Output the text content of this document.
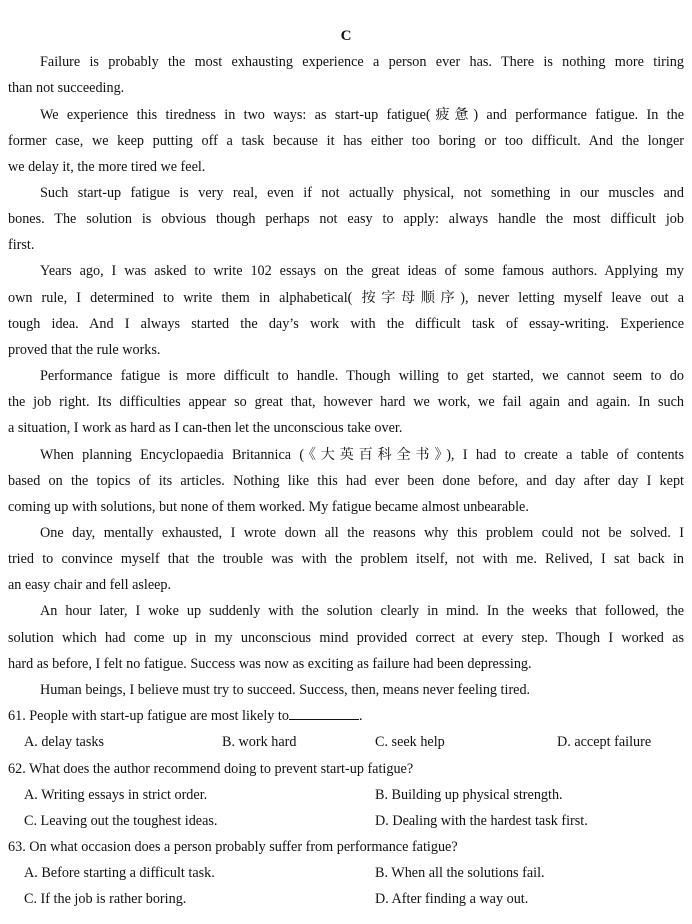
C
Failure is probably the most exhausting experience a person ever has. There is nothing more tiring
than not succeeding.
We experience this tiredness in two ways: as start-up fatigue(疲惫) and performance fatigue. In the
former case, we keep putting off a task because it has either too boring or too difficult. And the longer
we delay it, the more tired we feel.
Such start-up fatigue is very real, even if not actually physical, not something in our muscles and
bones. The solution is obvious though perhaps not easy to apply: always handle the most difficult job
first.
Years ago, I was asked to write 102 essays on the great ideas of some famous authors. Applying my
own rule, I determined to write them in alphabetical( 按字母顺序), never letting myself leave out a
tough idea. And I always started the day’s work with the difficult task of essay-writing. Experience
proved that the rule works.
Performance fatigue is more difficult to handle. Though willing to get started, we cannot seem to do
the job right. Its difficulties appear so great that, however hard we work, we fail again and again. In such
a situation, I work as hard as I can-then let the unconscious take over.
When planning Encyclopaedia Britannica (《大英百科全书》), I had to create a table of contents
based on the topics of its articles. Nothing like this had ever been done before, and day after day I kept
coming up with solutions, but none of them worked. My fatigue became almost unbearable.
One day, mentally exhausted, I wrote down all the reasons why this problem could not be solved. I
tried to convince myself that the trouble was with the problem itself, not with me. Relived, I sat back in
an easy chair and fell asleep.
An hour later, I woke up suddenly with the solution clearly in mind. In the weeks that followed, the
solution which had come up in my unconscious mind provided correct at every step. Though I worked as
hard as before, I felt no fatigue. Success was now as exciting as failure had been depressing.
Human beings, I believe must try to succeed. Success, then, means never feeling tired.
61. People with start-up fatigue are most likely to	.
A. delay tasks	B. work hard	C. seek help	D. accept failure
62. What does the author recommend doing to prevent start-up fatigue?
A. Writing essays in strict order.	B. Building up physical strength.
C. Leaving out the toughest ideas.	D. Dealing with the hardest task first.
63. On what occasion does a person probably suffer from performance fatigue?
A. Before starting a difficult task.	B. When all the solutions fail.
C. If the job is rather boring.	D. After finding a way out.
